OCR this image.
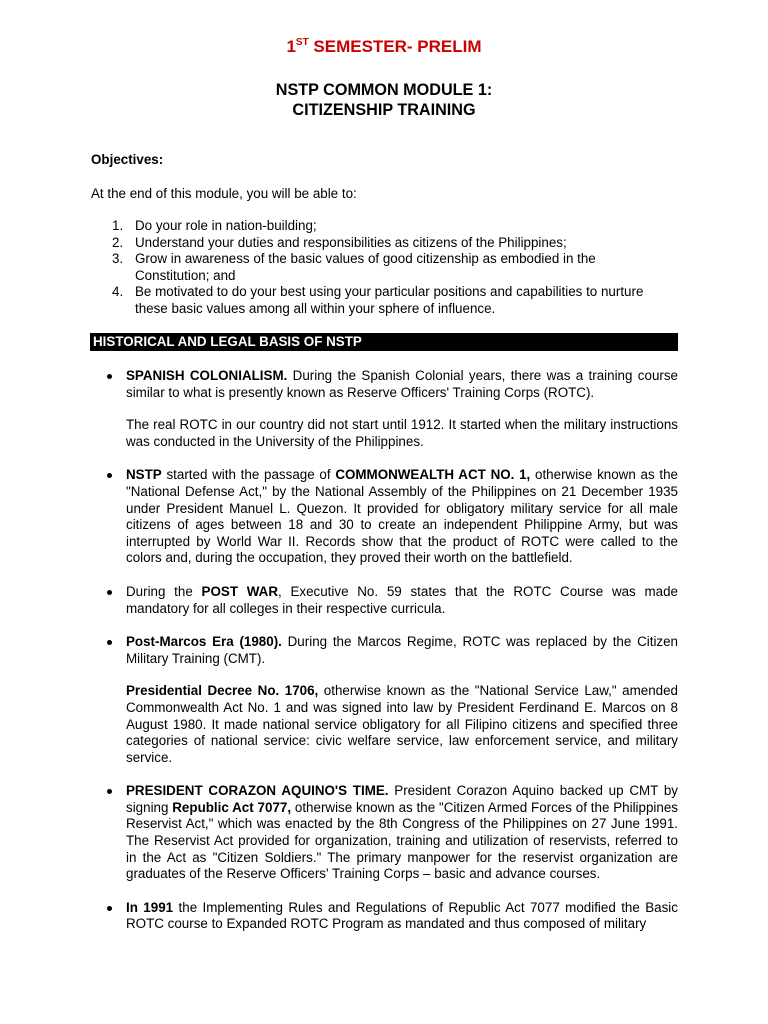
1ST SEMESTER- PRELIM
NSTP COMMON MODULE 1:
CITIZENSHIP TRAINING
Objectives:
At the end of this module, you will be able to:
1. Do your role in nation-building;
2. Understand your duties and responsibilities as citizens of the Philippines;
3. Grow in awareness of the basic values of good citizenship as embodied in the
Constitution; and
4. Be motivated to do your best using your particular positions and capabilities to nurture
these basic values among all within your sphere of influence.
HISTORICAL AND LEGAL BASIS OF NSTP

SPANISH COLONIALISM. During the Spanish Colonial years, there was a training course similar to what is presently known as Reserve Officers' Training Corps (ROTC).

The real ROTC in our country did not start until 1912. It started when the military instructions was conducted in the University of the Philippines.

NSTP started with the passage of COMMONWEALTH ACT NO. 1, otherwise known as the "National Defense Act," by the National Assembly of the Philippines on 21 December 1935 under President Manuel L. Quezon. It provided for obligatory military service for all male citizens of ages between 18 and 30 to create an independent Philippine Army, but was interrupted by World War II. Records show that the product of ROTC were called to the colors and, during the occupation, they proved their worth on the battlefield.

During the POST WAR, Executive No. 59 states that the ROTC Course was made mandatory for all colleges in their respective curricula.

Post-Marcos Era (1980). During the Marcos Regime, ROTC was replaced by the Citizen Military Training (CMT).

Presidential Decree No. 1706, otherwise known as the "National Service Law," amended Commonwealth Act No. 1 and was signed into law by President Ferdinand E. Marcos on 8 August 1980. It made national service obligatory for all Filipino citizens and specified three categories of national service: civic welfare service, law enforcement service, and military service.

PRESIDENT CORAZON AQUINO'S TIME. President Corazon Aquino backed up CMT by signing Republic Act 7077, otherwise known as the "Citizen Armed Forces of the Philippines Reservist Act," which was enacted by the 8th Congress of the Philippines on 27 June 1991. The Reservist Act provided for organization, training and utilization of reservists, referred to in the Act as "Citizen Soldiers." The primary manpower for the reservist organization are graduates of the Reserve Officers' Training Corps – basic and advance courses.

In 1991 the Implementing Rules and Regulations of Republic Act 7077 modified the Basic ROTC course to Expanded ROTC Program as mandated and thus composed of military
